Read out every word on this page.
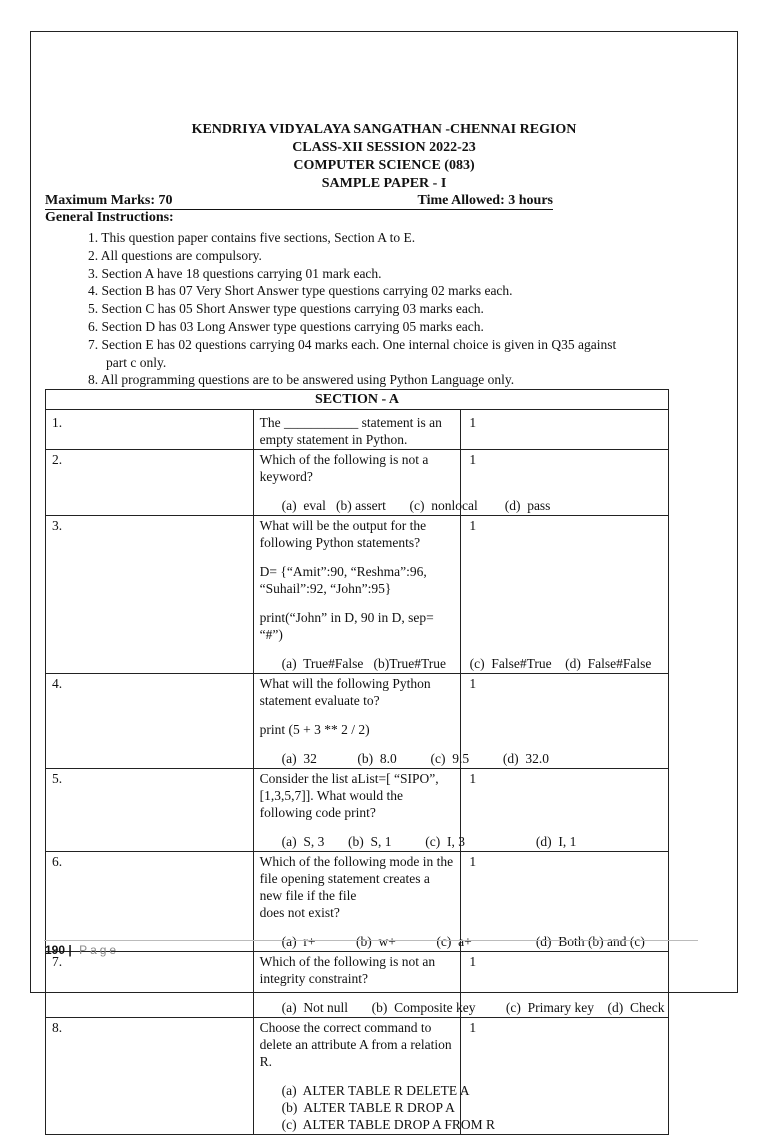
KENDRIYA VIDYALAYA SANGATHAN -CHENNAI REGION
CLASS-XII SESSION 2022-23
COMPUTER SCIENCE (083)
SAMPLE PAPER - I
Maximum Marks: 70	Time Allowed: 3 hours
General Instructions:
1. This question paper contains five sections, Section A to E.
2. All questions are compulsory.
3. Section A have 18 questions carrying 01 mark each.
4. Section B has 07 Very Short Answer type questions carrying 02 marks each.
5. Section C has 05 Short Answer type questions carrying 03 marks each.
6. Section D has 03 Long Answer type questions carrying 05 marks each.
7. Section E has 02 questions carrying 04 marks each. One internal choice is given in Q35 against
part c only.
8. All programming questions are to be answered using Python Language only.
SECTION - A		
1.	The ___________ statement is an empty statement in Python.	1
2.	Which of the following is not a keyword?
(a)  eval   (b) assert       (c)  nonlocal        (d)  pass	1
3.	What will be the output for the following Python statements?
D= {“Amit”:90, “Reshma”:96, “Suhail”:92, “John”:95}
print(“John” in D, 90 in D, sep= “#”)
(a)  True#False   (b)True#True       (c)  False#True    (d)  False#False	1
4.	What will the following Python statement evaluate to?
print (5 + 3 ** 2 / 2)
(a)  32            (b)  8.0          (c)  9.5          (d)  32.0	1
5.	Consider the list aList=[ “SIPO”, [1,3,5,7]]. What would the following code print?
(a)  S, 3       (b)  S, 1          (c)  I, 3                     (d)  I, 1	1
6.	Which of the following mode in the file opening statement creates a new file if the file
does not exist?
(a)  r+            (b)  w+            (c)  a+                   (d)  Both (b) and (c)	1
7.	Which of the following is not an integrity constraint?
(a)  Not null       (b)  Composite key         (c)  Primary key    (d)  Check	1
8.	Choose the correct command to delete an attribute A from a relation R.
(a)  ALTER TABLE R DELETE A
(b)  ALTER TABLE R DROP A
(c)  ALTER TABLE DROP A FROM R	1
190 | Page
